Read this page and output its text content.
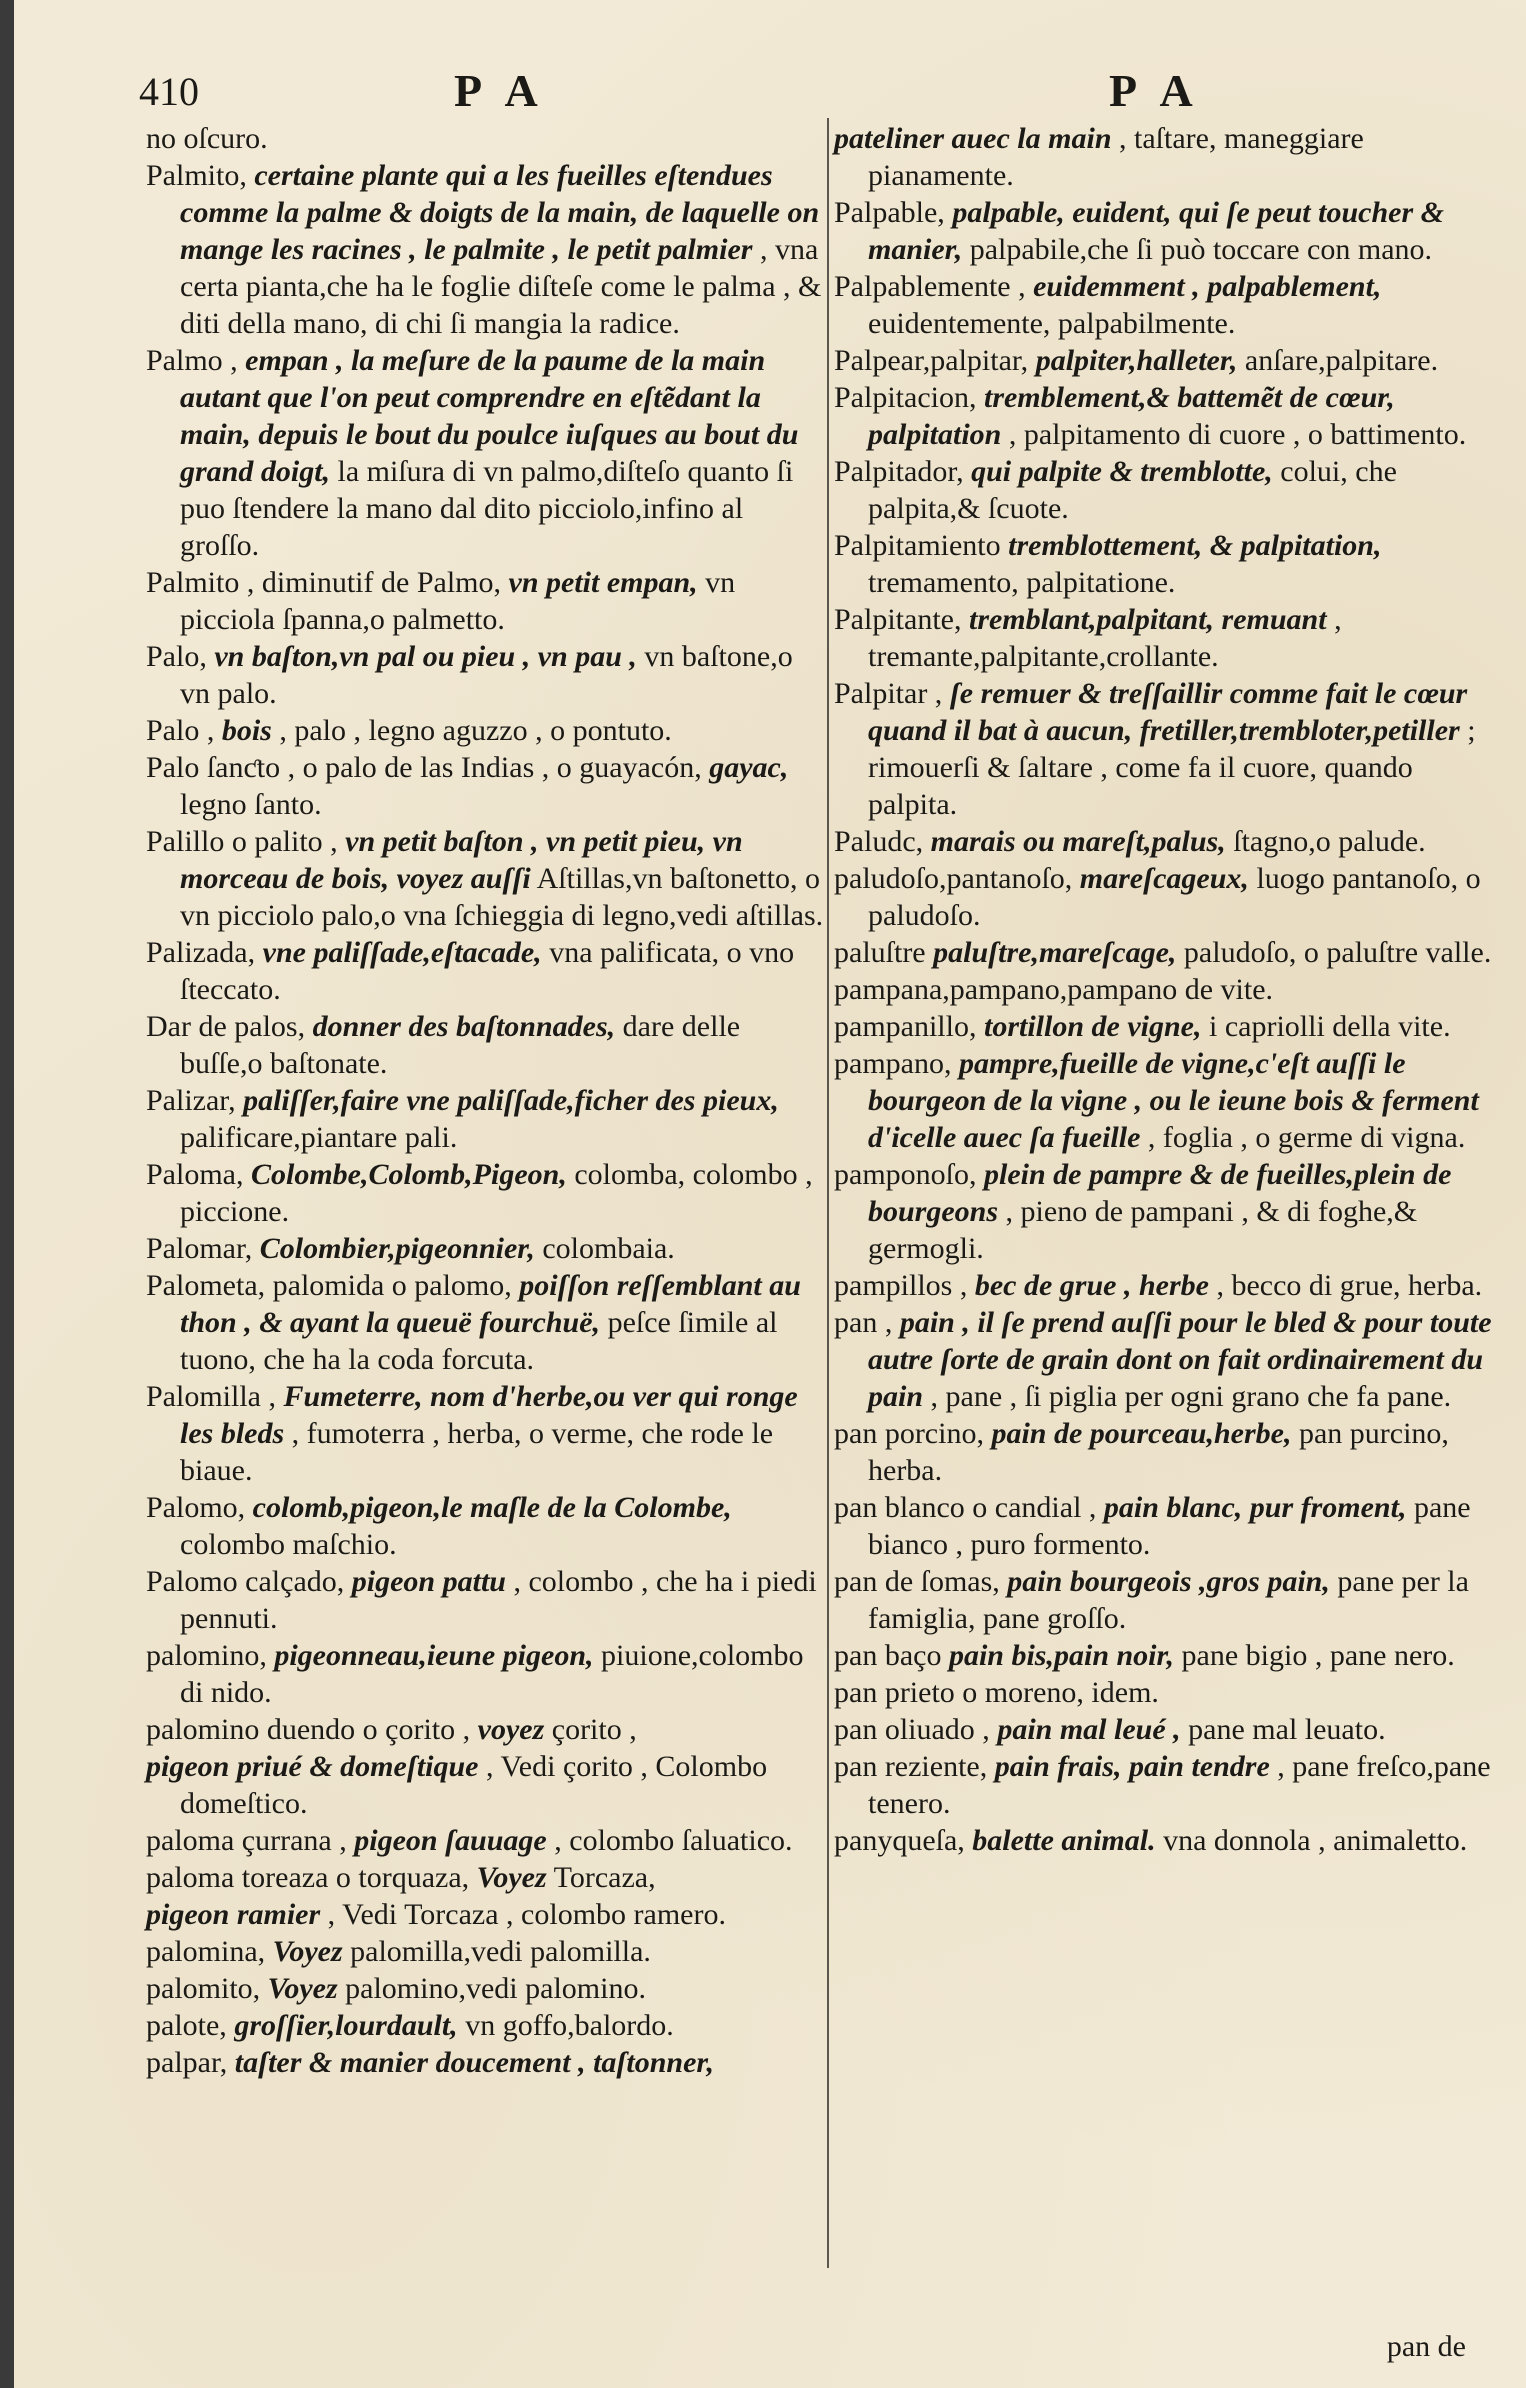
410	P A	P A

no oſcuro.

Palmito, certaine plante qui a les fueilles eſtendues comme la palme & doigts de la main, de laquelle on mange les racines , le palmite , le petit palmier , vna certa pianta,che ha le foglie diſteſe come le palma , & diti della mano, di chi ſi mangia la radice.

Palmo , empan , la meſure de la paume de la main autant que l'on peut comprendre en eſtẽdant la main, depuis le bout du poulce iuſques au bout du grand doigt, la miſura di vn palmo,diſteſo quanto ſi puo ſtendere la mano dal dito picciolo,infino al groſſo.

Palmito , diminutif de Palmo, vn petit empan, vn picciola ſpanna,o palmetto.

Palo, vn baſton,vn pal ou pieu , vn pau , vn baſtone,o vn palo.

Palo , bois , palo , legno aguzzo , o pontuto.

Palo ſanƈto , o palo de las Indias , o guayacón, gayac, legno ſanto.

Palillo o palito , vn petit baſton , vn petit pieu, vn morceau de bois, voyez auſſi Aſtillas,vn baſtonetto, o vn picciolo palo,o vna ſchieggia di legno,vedi aſtillas.

Palizada, vne paliſſade,eſtacade, vna palificata, o vno ſteccato.

Dar de palos, donner des baſtonnades, dare delle buſſe,o baſtonate.

Palizar, paliſſer,faire vne paliſſade,ficher des pieux, palificare,piantare pali.

Paloma, Colombe,Colomb,Pigeon, colomba, colombo , piccione.

Palomar, Colombier,pigeonnier, colombaia.

Palometa, palomida o palomo, poiſſon reſſemblant au thon , & ayant la queuë fourchuë, peſce ſimile al tuono, che ha la coda forcuta.

Palomilla , Fumeterre, nom d'herbe,ou ver qui ronge les bleds , fumoterra , herba, o verme, che rode le biaue.

Palomo, colomb,pigeon,le maſle de la Colombe, colombo maſchio.

Palomo calçado, pigeon pattu , colombo , che ha i piedi pennuti.

palomino, pigeonneau,ieune pigeon, piuione,colombo di nido.

palomino duendo o çorito , voyez çorito ,

pigeon priué & domeſtique , Vedi çorito , Colombo domeſtico.

paloma çurrana , pigeon ſauuage , colombo ſaluatico.

paloma toreaza o torquaza, Voyez Torcaza,

pigeon ramier , Vedi Torcaza , colombo ramero.

palomina, Voyez palomilla,vedi palomilla.

palomito, Voyez palomino,vedi palomino.

palote, groſſier,lourdault, vn goffo,balordo.

palpar, taſter & manier doucement , taſtonner,

pateliner auec la main , taſtare, maneggiare pianamente.

Palpable, palpable, euident, qui ſe peut toucher & manier, palpabile,che ſi può toccare con mano.

Palpablemente , euidemment , palpablement, euidentemente, palpabilmente.

Palpear,palpitar, palpiter,halleter, anſare,palpitare.

Palpitacion, tremblement,& battemẽt de cœur, palpitation , palpitamento di cuore , o battimento.

Palpitador, qui palpite & tremblotte, colui, che palpita,& ſcuote.

Palpitamiento tremblottement, & palpitation, tremamento, palpitatione.

Palpitante, tremblant,palpitant, remuant , tremante,palpitante,crollante.

Palpitar , ſe remuer & treſſaillir comme fait le cœur quand il bat à aucun, fretiller,trembloter,petiller ; rimouerſi & ſaltare , come fa il cuore, quando palpita.

Paludc, marais ou mareſt,palus, ſtagno,o palude.

paludoſo,pantanoſo, mareſcageux, luogo pantanoſo, o paludoſo.

paluſtre paluſtre,mareſcage, paludoſo, o paluſtre valle.

pampana,pampano,pampano de vite.

pampanillo, tortillon de vigne, i capriolli della vite.

pampano, pampre,fueille de vigne,c'eſt auſſi le bourgeon de la vigne , ou le ieune bois & ferment d'icelle auec ſa fueille , foglia , o germe di vigna.

pamponoſo, plein de pampre & de fueilles,plein de bourgeons , pieno de pampani , & di foghe,& germogli.

pampillos , bec de grue , herbe , becco di grue, herba.

pan , pain , il ſe prend auſſi pour le bled & pour toute autre ſorte de grain dont on fait ordinairement du pain , pane , ſi piglia per ogni grano che fa pane.

pan porcino, pain de pourceau,herbe, pan purcino, herba.

pan blanco o candial , pain blanc, pur froment, pane bianco , puro formento.

pan de ſomas, pain bourgeois ,gros pain, pane per la famiglia, pane groſſo.

pan baço pain bis,pain noir, pane bigio , pane nero.

pan prieto o moreno, idem.

pan oliuado , pain mal leué , pane mal leuato.

pan reziente, pain frais, pain tendre , pane freſco,pane tenero.

panyqueſa, balette animal. vna donnola , animaletto.

pan de
